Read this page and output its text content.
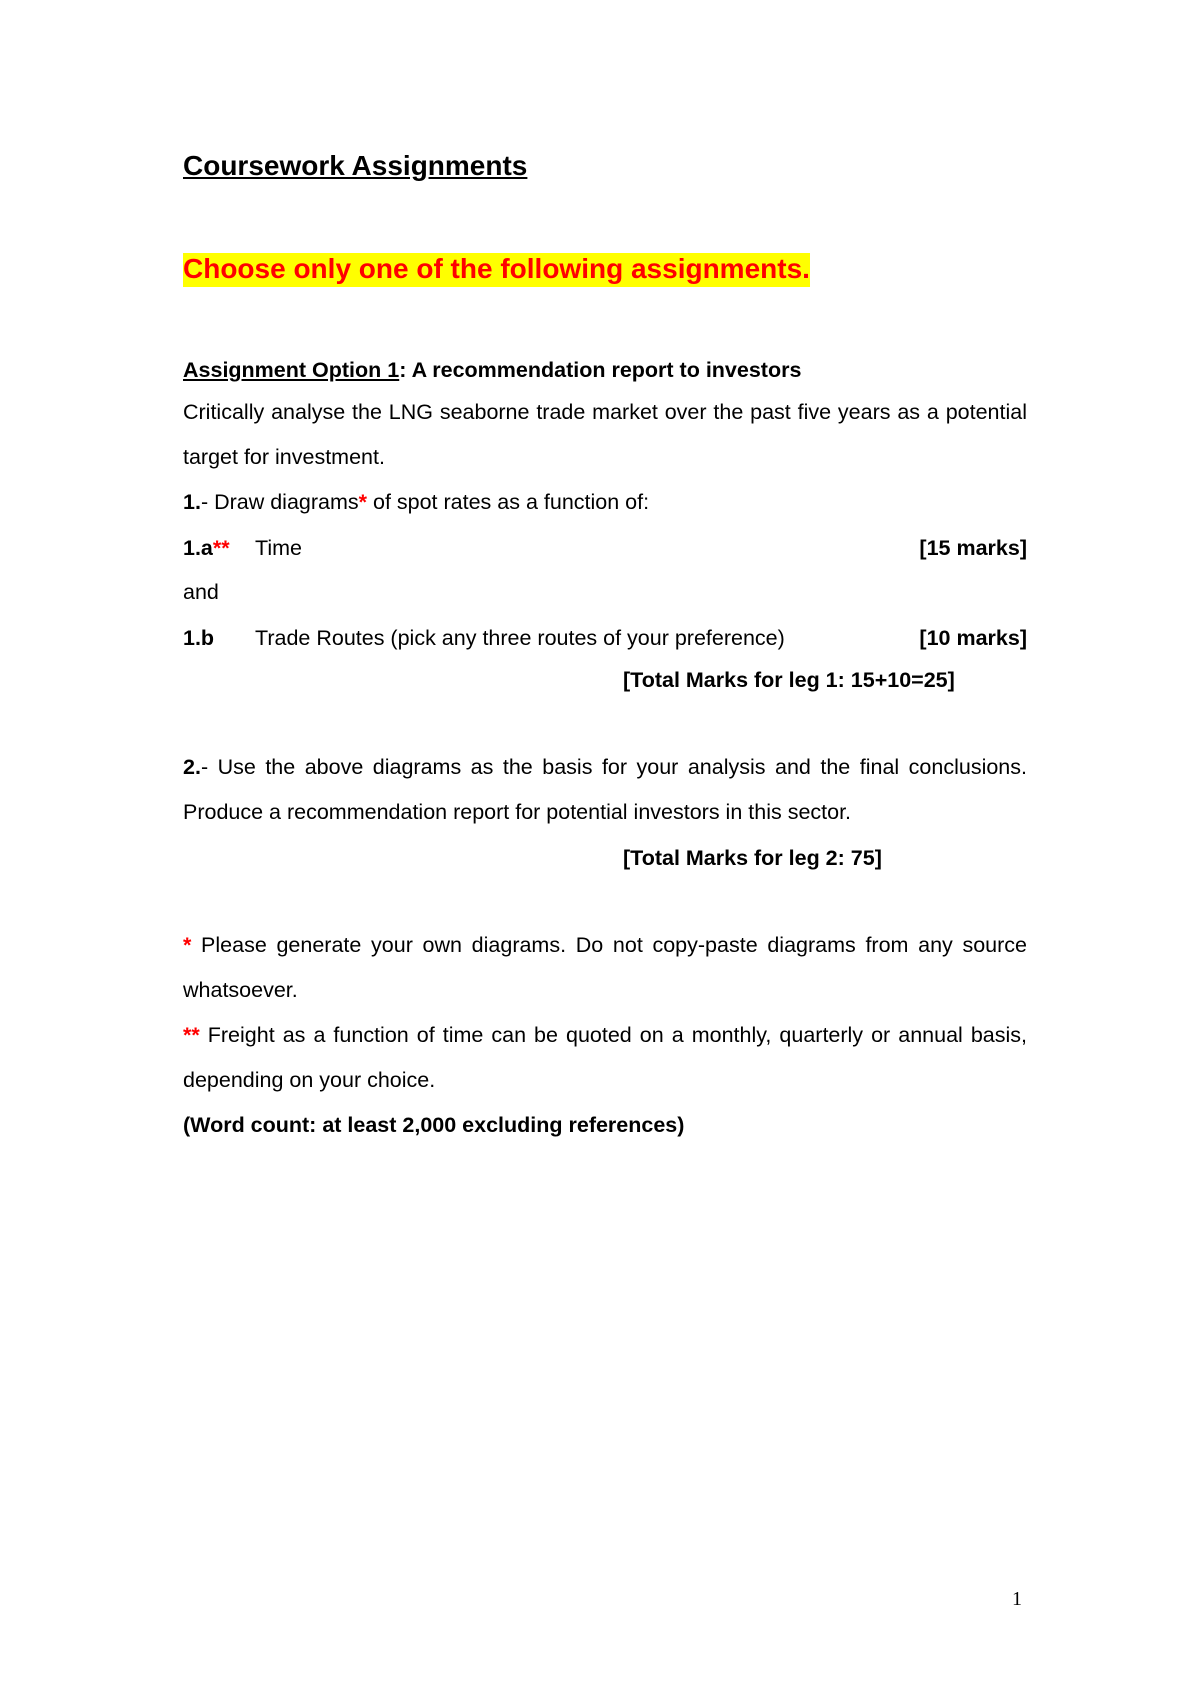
Coursework Assignments
Choose only one of the following assignments.
Assignment Option 1: A recommendation report to investors
Critically analyse the LNG seaborne trade market over the past five years as a potential target for investment.
1.- Draw diagrams* of spot rates as a function of:
1.a** Time	[15 marks]
and
1.b Trade Routes (pick any three routes of your preference)	[10 marks]
[Total Marks for leg 1: 15+10=25]
2.- Use the above diagrams as the basis for your analysis and the final conclusions. Produce a recommendation report for potential investors in this sector.
[Total Marks for leg 2: 75]
* Please generate your own diagrams. Do not copy-paste diagrams from any source whatsoever.
** Freight as a function of time can be quoted on a monthly, quarterly or annual basis, depending on your choice.
(Word count: at least 2,000 excluding references)
1
